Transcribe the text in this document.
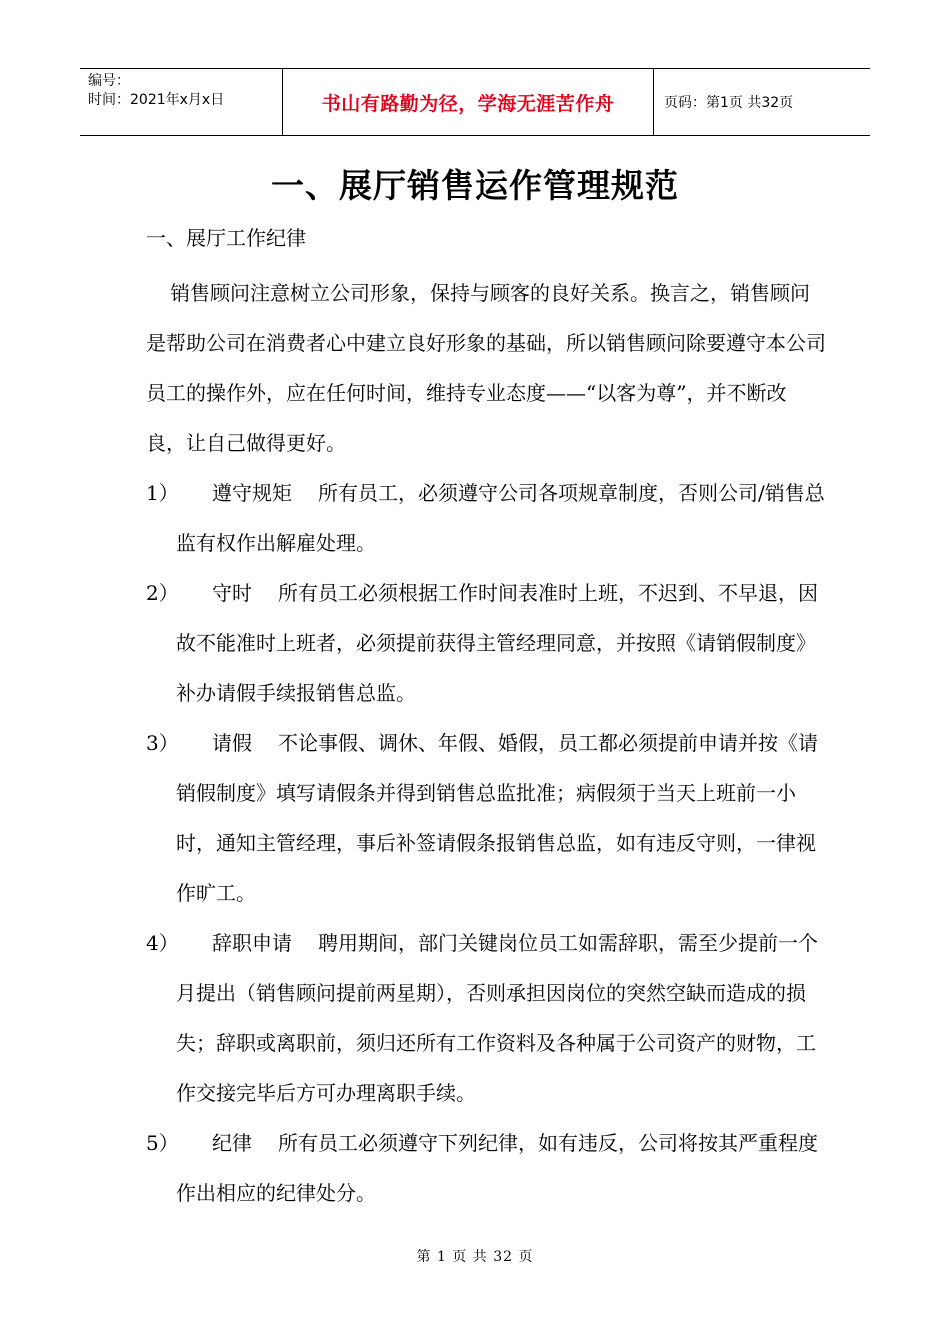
编号：
时间：2021年x月x日	书山有路勤为径，学海无涯苦作舟	页码：第1页 共32页
一、展厅销售运作管理规范
一、展厅工作纪律

销售顾问注意树立公司形象，保持与顾客的良好关系。换言之，销售顾问是帮助公司在消费者心中建立良好形象的基础，所以销售顾问除要遵守本公司员工的操作外，应在任何时间，维持专业态度——“以客为尊”，并不断改良，让自己做得更好。

1）	遵守规矩 所有员工，必须遵守公司各项规章制度，否则公司/销售总监有权作出解雇处理。
2）	守时 所有员工必须根据工作时间表准时上班，不迟到、不早退，因故不能准时上班者，必须提前获得主管经理同意，并按照《请销假制度》补办请假手续报销售总监。
3）	请假 不论事假、调休、年假、婚假，员工都必须提前申请并按《请销假制度》填写请假条并得到销售总监批准；病假须于当天上班前一小时，通知主管经理，事后补签请假条报销售总监，如有违反守则，一律视作旷工。
4）	辞职申请 聘用期间，部门关键岗位员工如需辞职，需至少提前一个月提出（销售顾问提前两星期），否则承担因岗位的突然空缺而造成的损失；辞职或离职前，须归还所有工作资料及各种属于公司资产的财物，工作交接完毕后方可办理离职手续。
5）	纪律 所有员工必须遵守下列纪律，如有违反，公司将按其严重程度作出相应的纪律处分。
第 1 页 共 32 页
